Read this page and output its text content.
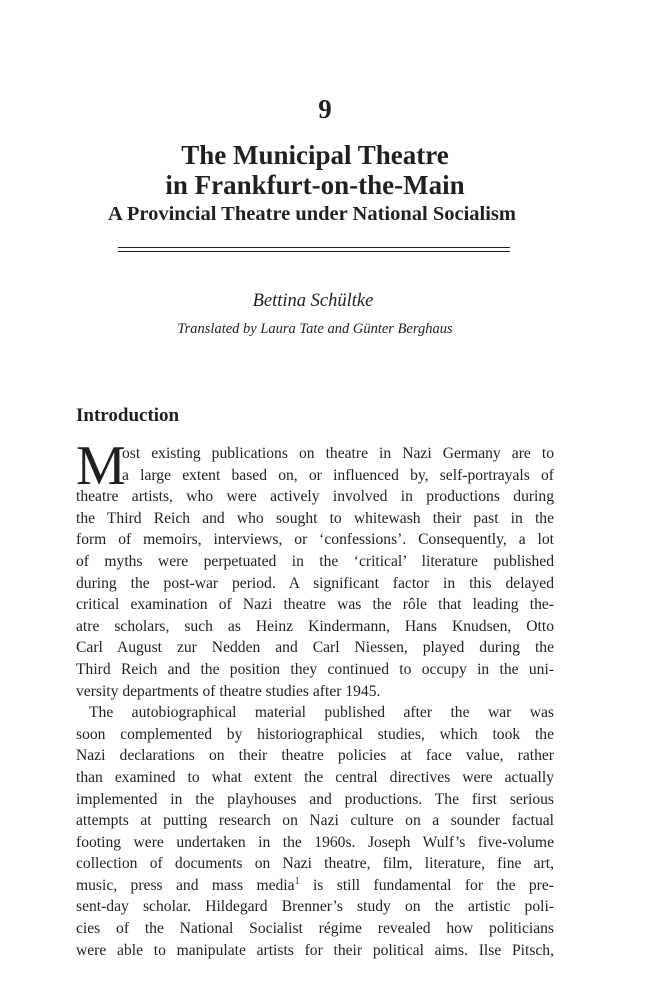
9
The Municipal Theatre
in Frankfurt-on-the-Main
A Provincial Theatre under National Socialism
Bettina Schültke
Translated by Laura Tate and Günter Berghaus
Introduction
M
ost existing publications on theatre in Nazi Germany are to
a large extent based on, or influenced by, self-portrayals of
theatre artists, who were actively involved in productions during
the Third Reich and who sought to whitewash their past in the
form of memoirs, interviews, or ‘confessions’. Consequently, a lot
of myths were perpetuated in the ‘critical’ literature published
during the post-war period. A significant factor in this delayed
critical examination of Nazi theatre was the rôle that leading the-
atre scholars, such as Heinz Kindermann, Hans Knudsen, Otto
Carl August zur Nedden and Carl Niessen, played during the
Third Reich and the position they continued to occupy in the uni-
versity departments of theatre studies after 1945.
The autobiographical material published after the war was
soon complemented by historiographical studies, which took the
Nazi declarations on their theatre policies at face value, rather
than examined to what extent the central directives were actually
implemented in the playhouses and productions. The first serious
attempts at putting research on Nazi culture on a sounder factual
footing were undertaken in the 1960s. Joseph Wulf’s five-volume
collection of documents on Nazi theatre, film, literature, fine art,
music, press and mass media$^1$ is still fundamental for the pre-
sent-day scholar. Hildegard Brenner’s study on the artistic poli-
cies of the National Socialist régime revealed how politicians
were able to manipulate artists for their political aims. Ilse Pitsch,
